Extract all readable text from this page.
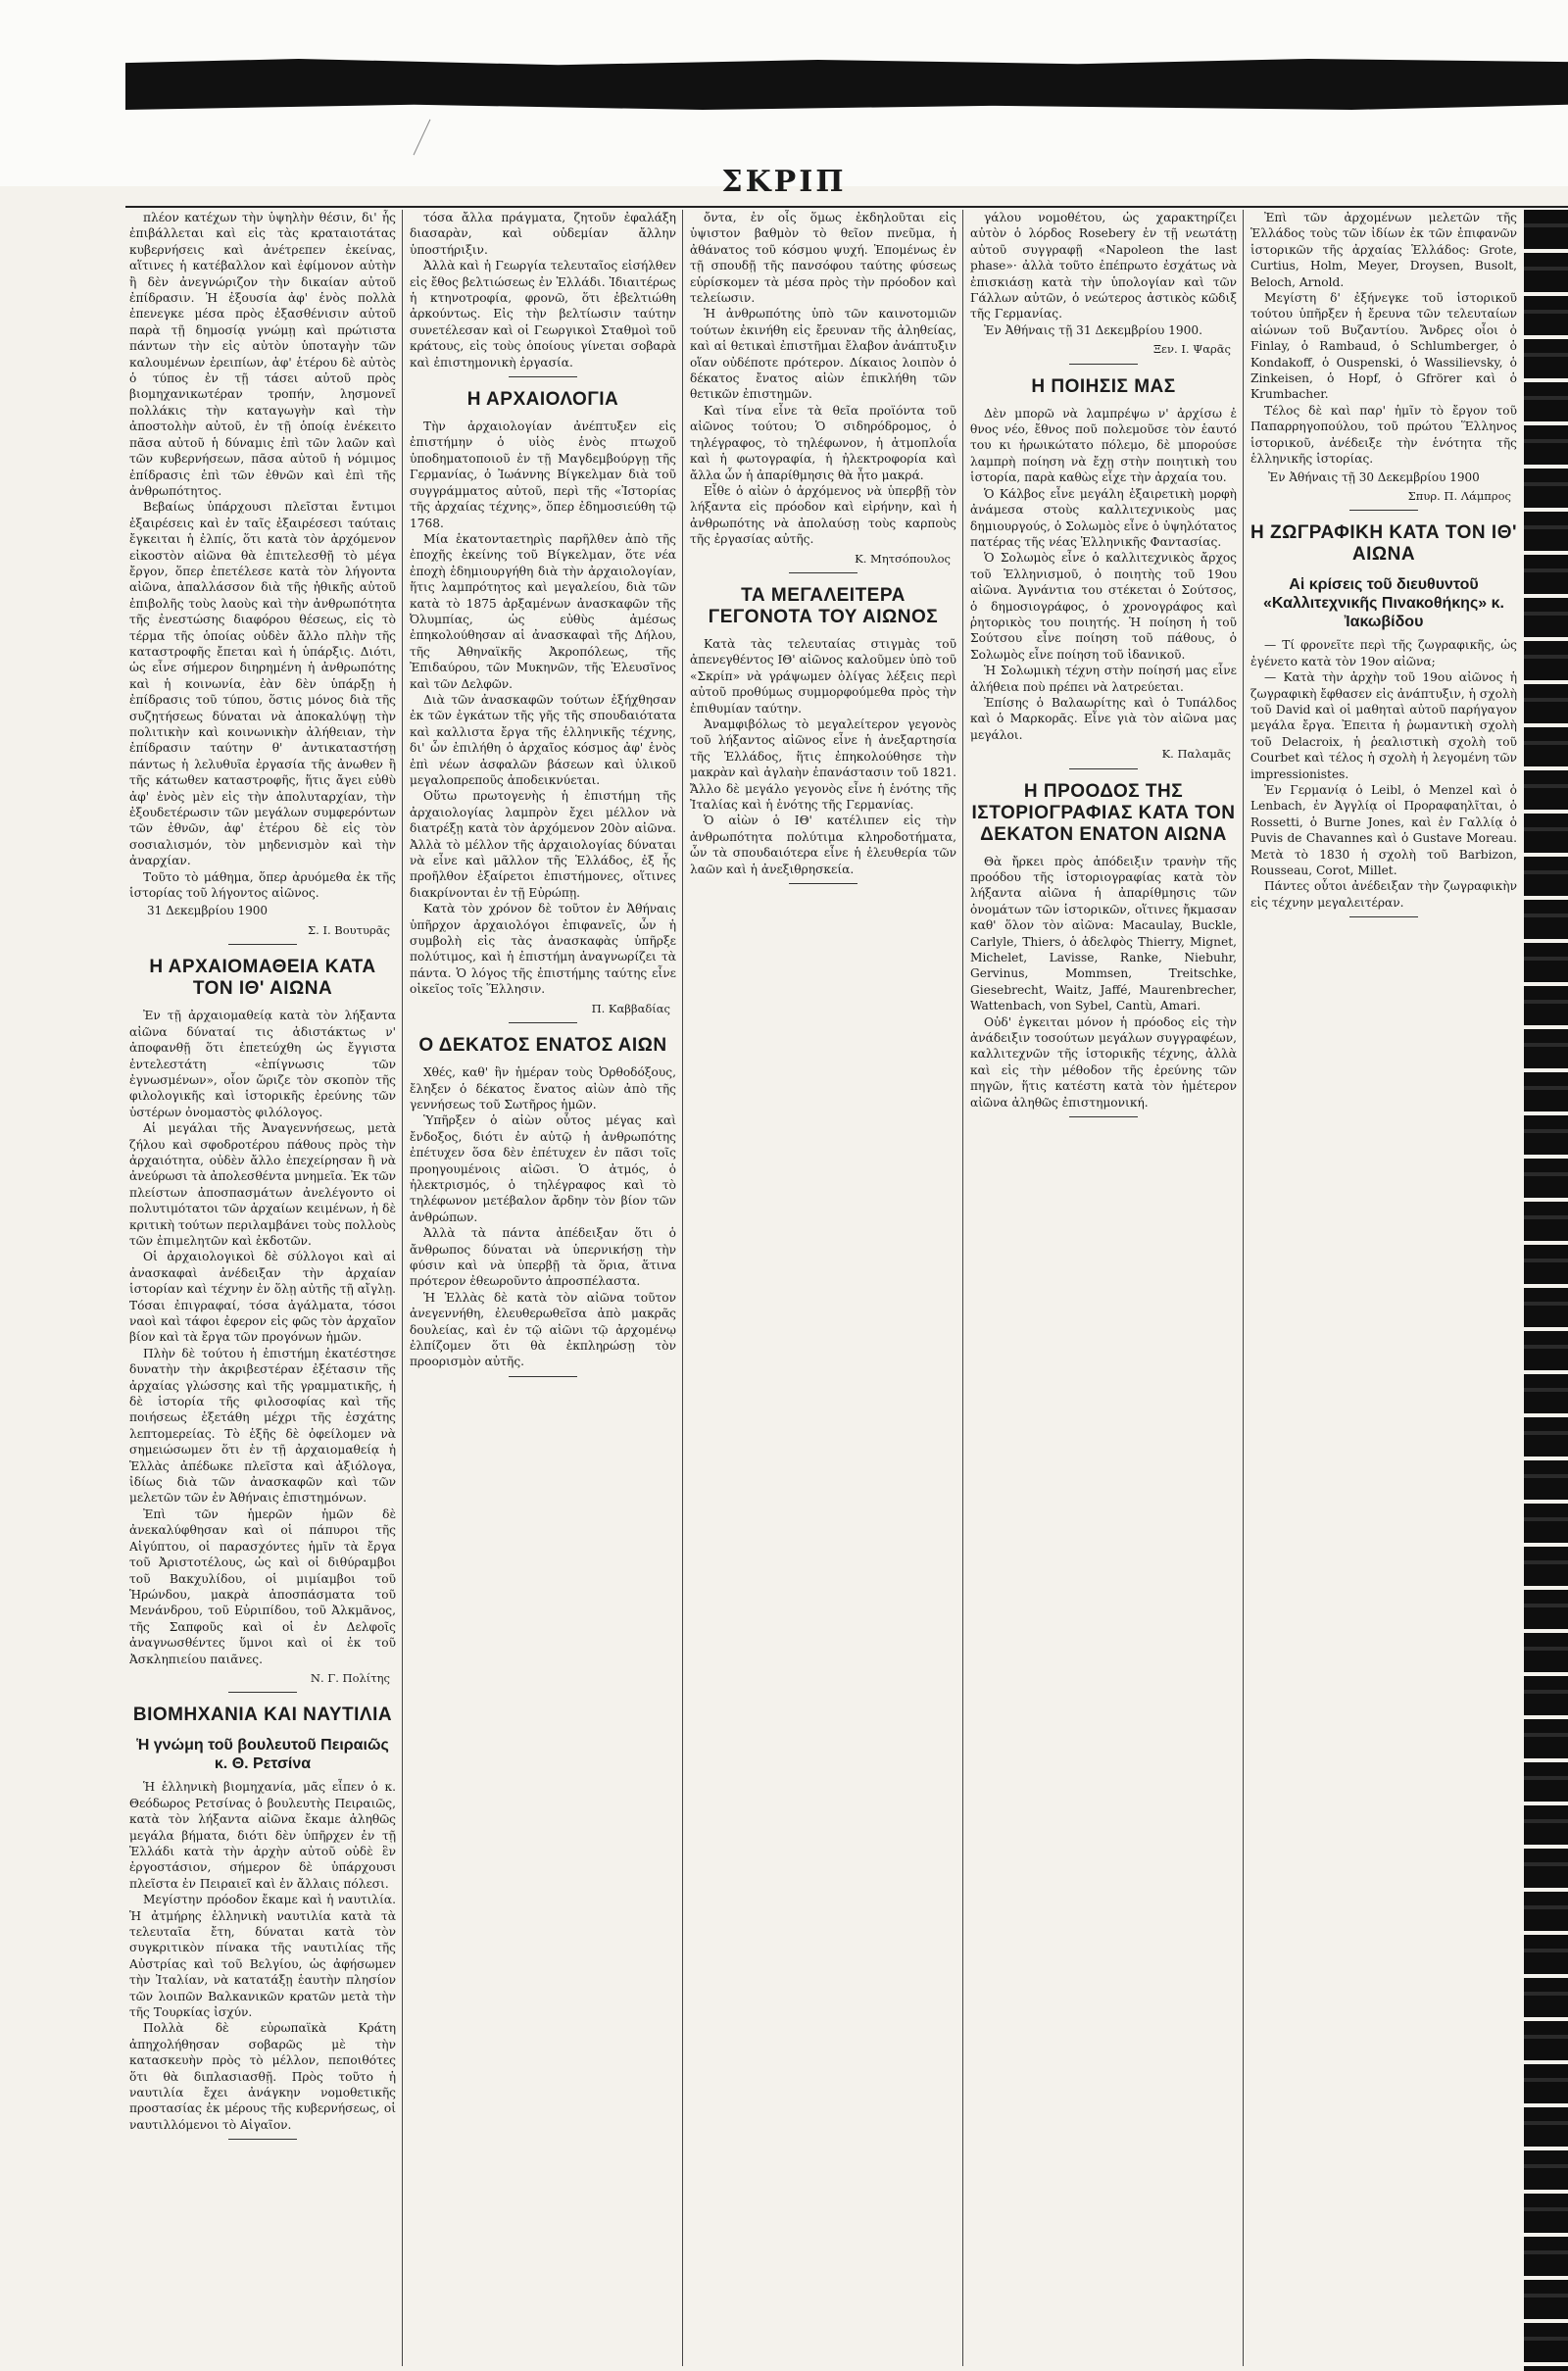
ΣΚΡΙΠ

πλέον κατέχων τὴν ὑψηλὴν θέσιν, δι' ἧς ἐπιβάλλεται καὶ εἰς τὰς κραταιοτάτας κυβερνήσεις καὶ ἀνέτρεπεν ἐκείνας, αἵτινες ἡ κατέβαλλον καὶ ἐφίμονον αὐτὴν ἢ δὲν ἀνεγνώριζον τὴν δικαίαν αὐτοῦ ἐπίδρασιν. Ἡ ἐξουσία ἀφ' ἑνὸς πολλὰ ἐπενεγκε μέσα πρὸς ἐξασθένισιν αὐτοῦ παρὰ τῇ δημοσίᾳ γνώμῃ καὶ πρώτιστα πάντων τὴν εἰς αὐτὸν ὑποταγὴν τῶν καλουμένων ἐρειπίων, ἀφ' ἑτέρου δὲ αὐτὸς ὁ τύπος ἐν τῇ τάσει αὐτοῦ πρὸς βιομηχανικωτέραν τροπήν, λησμονεῖ πολλάκις τὴν καταγωγὴν καὶ τὴν ἀποστολὴν αὐτοῦ, ἐν τῇ ὁποίᾳ ἐνέκειτο πᾶσα αὐτοῦ ἡ δύναμις ἐπὶ τῶν λαῶν καὶ τῶν κυβερνήσεων, πᾶσα αὐτοῦ ἡ νόμιμος ἐπίδρασις ἐπὶ τῶν ἐθνῶν καὶ ἐπὶ τῆς ἀνθρωπότητος.

Βεβαίως ὑπάρχουσι πλεῖσται ἔντιμοι ἐξαιρέσεις καὶ ἐν ταῖς ἐξαιρέσεσι ταύταις ἔγκειται ἡ ἐλπίς, ὅτι κατὰ τὸν ἀρχόμενον εἰκοστὸν αἰῶνα θὰ ἐπιτελεσθῇ τὸ μέγα ἔργον, ὅπερ ἐπετέλεσε κατὰ τὸν λήγοντα αἰῶνα, ἀπαλλάσσον διὰ τῆς ἠθικῆς αὐτοῦ ἐπιβολῆς τοὺς λαοὺς καὶ τὴν ἀνθρωπότητα τῆς ἐνεστώσης διαφόρου θέσεως, εἰς τὸ τέρμα τῆς ὁποίας οὐδὲν ἄλλο πλὴν τῆς καταστροφῆς ἔπεται καὶ ἡ ὑπάρξις. Διότι, ὡς εἶνε σήμερον διηρημένη ἡ ἀνθρωπότης καὶ ἡ κοινωνία, ἐὰν δὲν ὑπάρξῃ ἡ ἐπίδρασις τοῦ τύπου, ὅστις μόνος διὰ τῆς συζητήσεως δύναται νὰ ἀποκαλύψῃ τὴν πολιτικὴν καὶ κοινωνικὴν ἀλήθειαν, τὴν ἐπίδρασιν ταύτην θ' ἀντικαταστήσῃ πάντως ἡ λελυθυῖα ἐργασία τῆς ἀνωθεν ἢ τῆς κάτωθεν καταστροφῆς, ἥτις ἄγει εὐθὺ ἀφ' ἑνὸς μὲν εἰς τὴν ἀπολυταρχίαν, τὴν ἐξουδετέρωσιν τῶν μεγάλων συμφερόντων τῶν ἐθνῶν, ἀφ' ἑτέρου δὲ εἰς τὸν σοσιαλισμόν, τὸν μηδενισμὸν καὶ τὴν ἀναρχίαν.

Τοῦτο τὸ μάθημα, ὅπερ ἀρυόμεθα ἐκ τῆς ἱστορίας τοῦ λήγοντος αἰῶνος.

31 Δεκεμβρίου 1900
Σ. Ι. Βουτυρᾶς
Η ΑΡΧΑΙΟΜΑΘΕΙΑ ΚΑΤΑ ΤΟΝ ΙΘ' ΑΙΩΝΑ

Ἐν τῇ ἀρχαιομαθείᾳ κατὰ τὸν λήξαντα αἰῶνα δύναταί τις ἀδιστάκτως ν' ἀποφανθῇ ὅτι ἐπετεύχθη ὡς ἔγγιστα ἐντελεστάτη «ἐπίγνωσις τῶν ἐγνωσμένων», οἷον ὥριζε τὸν σκοπὸν τῆς φιλολογικῆς καὶ ἱστορικῆς ἐρεύνης τῶν ὑστέρων ὀνομαστὸς φιλόλογος.

Αἱ μεγάλαι τῆς Ἀναγεννήσεως, μετὰ ζήλου καὶ σφοδροτέρου πάθους πρὸς τὴν ἀρχαιότητα, οὐδὲν ἄλλο ἐπεχείρησαν ἢ νὰ ἀνεύρωσι τὰ ἀπολεσθέντα μνημεῖα. Ἐκ τῶν πλείστων ἀποσπασμάτων ἀνελέγοντο οἱ πολυτιμότατοι τῶν ἀρχαίων κειμένων, ἡ δὲ κριτικὴ τούτων περιλαμβάνει τοὺς πολλοὺς τῶν ἐπιμελητῶν καὶ ἐκδοτῶν.

Οἱ ἀρχαιολογικοὶ δὲ σύλλογοι καὶ αἱ ἀνασκαφαὶ ἀνέδειξαν τὴν ἀρχαίαν ἱστορίαν καὶ τέχνην ἐν ὅλῃ αὐτῆς τῇ αἴγλῃ. Τόσαι ἐπιγραφαί, τόσα ἀγάλματα, τόσοι ναοὶ καὶ τάφοι ἐφερον εἰς φῶς τὸν ἀρχαῖον βίον καὶ τὰ ἔργα τῶν προγόνων ἡμῶν.

Πλὴν δὲ τούτου ἡ ἐπιστήμη ἐκατέστησε δυνατὴν τὴν ἀκριβεστέραν ἐξέτασιν τῆς ἀρχαίας γλώσσης καὶ τῆς γραμματικῆς, ἡ δὲ ἱστορία τῆς φιλοσοφίας καὶ τῆς ποιήσεως ἐξετάθη μέχρι τῆς ἐσχάτης λεπτομερείας. Τὸ ἑξῆς δὲ ὀφείλομεν νὰ σημειώσωμεν ὅτι ἐν τῇ ἀρχαιομαθείᾳ ἡ Ἑλλὰς ἀπέδωκε πλεῖστα καὶ ἀξιόλογα, ἰδίως διὰ τῶν ἀνασκαφῶν καὶ τῶν μελετῶν τῶν ἐν Ἀθήναις ἐπιστημόνων.

Ἐπὶ τῶν ἡμερῶν ἡμῶν δὲ ἀνεκαλύφθησαν καὶ οἱ πάπυροι τῆς Αἰγύπτου, οἱ παρασχόντες ἡμῖν τὰ ἔργα τοῦ Ἀριστοτέλους, ὡς καὶ οἱ διθύραμβοι τοῦ Βακχυλίδου, οἱ μιμίαμβοι τοῦ Ἡρώνδου, μακρὰ ἀποσπάσματα τοῦ Μενάνδρου, τοῦ Εὐριπίδου, τοῦ Ἀλκμᾶνος, τῆς Σαπφοῦς καὶ οἱ ἐν Δελφοῖς ἀναγνωσθέντες ὕμνοι καὶ οἱ ἐκ τοῦ Ἀσκληπιείου παιᾶνες.

Ν. Γ. Πολίτης
ΒΙΟΜΗΧΑΝΙΑ ΚΑΙ ΝΑΥΤΙΛΙΑ
Ἡ γνώμη τοῦ βουλευτοῦ Πειραιῶς κ. Θ. Ρετσίνα

Ἡ ἑλληνικὴ βιομηχανία, μᾶς εἶπεν ὁ κ. Θεόδωρος Ρετσίνας ὁ βουλευτὴς Πειραιῶς, κατὰ τὸν λήξαντα αἰῶνα ἔκαμε ἀληθῶς μεγάλα βήματα, διότι δὲν ὑπῆρχεν ἐν τῇ Ἑλλάδι κατὰ τὴν ἀρχὴν αὐτοῦ οὐδὲ ἓν ἐργοστάσιον, σήμερον δὲ ὑπάρχουσι πλεῖστα ἐν Πειραιεῖ καὶ ἐν ἄλλαις πόλεσι.

Μεγίστην πρόοδον ἔκαμε καὶ ἡ ναυτιλία. Ἡ ἀτμήρης ἑλληνικὴ ναυτιλία κατὰ τὰ τελευταῖα ἔτη, δύναται κατὰ τὸν συγκριτικὸν πίνακα τῆς ναυτιλίας τῆς Αὐστρίας καὶ τοῦ Βελγίου, ὡς ἀφήσωμεν τὴν Ἰταλίαν, νὰ κατατάξῃ ἑαυτὴν πλησίον τῶν λοιπῶν Βαλκανικῶν κρατῶν μετὰ τὴν τῆς Τουρκίας ἰσχύν.

Πολλὰ δὲ εὐρωπαϊκὰ Κράτη ἀπηχολήθησαν σοβαρῶς μὲ τὴν κατασκευὴν πρὸς τὸ μέλλον, πεποιθότες ὅτι θὰ διπλασιασθῇ. Πρὸς τοῦτο ἡ ναυτιλία ἔχει ἀνάγκην νομοθετικῆς προστασίας ἐκ μέρους τῆς κυβερνήσεως, οἱ ναυτιλλόμενοι τὸ Αἰγαῖον.

τόσα ἄλλα πράγματα, ζητοῦν ἐφαλάξη διασαρὰν, καὶ οὐδεμίαν ἄλλην ὑποστήριξιν.

Ἀλλὰ καὶ ἡ Γεωργία τελευταῖος εἰσήλθεν εἰς ἔθος βελτιώσεως ἐν Ἑλλάδι. Ἰδιαιτέρως ἡ κτηνοτροφία, φρονῶ, ὅτι ἐβελτιώθη ἀρκούντως. Εἰς τὴν βελτίωσιν ταύτην συνετέλεσαν καὶ οἱ Γεωργικοὶ Σταθμοὶ τοῦ κράτους, εἰς τοὺς ὁποίους γίνεται σοβαρὰ καὶ ἐπιστημονικὴ ἐργασία.

Η ΑΡΧΑΙΟΛΟΓΙΑ

Τὴν ἀρχαιολογίαν ἀνέπτυξεν εἰς ἐπιστήμην ὁ υἱὸς ἑνὸς πτωχοῦ ὑποδηματοποιοῦ ἐν τῇ Μαγδεμβούργῃ τῆς Γερμανίας, ὁ Ἰωάννης Βίγκελμαν διὰ τοῦ συγγράμματος αὐτοῦ, περὶ τῆς «Ἱστορίας τῆς ἀρχαίας τέχνης», ὅπερ ἐδημοσιεύθη τῷ 1768.

Μία ἑκατονταετηρὶς παρῆλθεν ἀπὸ τῆς ἐποχῆς ἐκείνης τοῦ Βίγκελμαν, ὅτε νέα ἐποχὴ ἐδημιουργήθη διὰ τὴν ἀρχαιολογίαν, ἥτις λαμπρότητος καὶ μεγαλείου, διὰ τῶν κατὰ τὸ 1875 ἀρξαμένων ἀνασκαφῶν τῆς Ὀλυμπίας, ὡς εὐθὺς ἀμέσως ἐπηκολούθησαν αἱ ἀνασκαφαὶ τῆς Δήλου, τῆς Ἀθηναϊκῆς Ἀκροπόλεως, τῆς Ἐπιδαύρου, τῶν Μυκηνῶν, τῆς Ἐλευσῖνος καὶ τῶν Δελφῶν.

Διὰ τῶν ἀνασκαφῶν τούτων ἐξήχθησαν ἐκ τῶν ἐγκάτων τῆς γῆς τῆς σπουδαιότατα καὶ καλλιστα ἔργα τῆς ἑλληνικῆς τέχνης, δι' ὧν ἐπιλήθη ὁ ἀρχαῖος κόσμος ἀφ' ἑνὸς ἐπὶ νέων ἀσφαλῶν βάσεων καὶ ὑλικοῦ μεγαλοπρεποῦς ἀποδεικνύεται.

Οὕτω πρωτογενὴς ἡ ἐπιστήμη τῆς ἀρχαιολογίας λαμπρὸν ἔχει μέλλον νὰ διατρέξῃ κατὰ τὸν ἀρχόμενον 20ὸν αἰῶνα. Ἀλλὰ τὸ μέλλον τῆς ἀρχαιολογίας δύναται νὰ εἶνε καὶ μᾶλλον τῆς Ἑλλάδος, ἐξ ἧς προῆλθον ἐξαίρετοι ἐπιστήμονες, οἵτινες διακρίνονται ἐν τῇ Εὐρώπῃ.

Κατὰ τὸν χρόνον δὲ τοῦτον ἐν Ἀθήναις ὑπῆρχον ἀρχαιολόγοι ἐπιφανεῖς, ὧν ἡ συμβολὴ εἰς τὰς ἀνασκαφὰς ὑπῆρξε πολύτιμος, καὶ ἡ ἐπιστήμη ἀναγνωρίζει τὰ πάντα. Ὁ λόγος τῆς ἐπιστήμης ταύτης εἶνε οἰκεῖος τοῖς Ἕλλησιν.

Π. Καββαδίας
Ο ΔΕΚΑΤΟΣ ΕΝΑΤΟΣ ΑΙΩΝ

Χθές, καθ' ἣν ἡμέραν τοὺς Ὀρθοδόξους, ἔληξεν ὁ δέκατος ἔνατος αἰὼν ἀπὸ τῆς γεννήσεως τοῦ Σωτῆρος ἡμῶν.

Ὑπῆρξεν ὁ αἰὼν οὗτος μέγας καὶ ἔνδοξος, διότι ἐν αὐτῷ ἡ ἀνθρωπότης ἐπέτυχεν ὅσα δὲν ἐπέτυχεν ἐν πᾶσι τοῖς προηγουμένοις αἰῶσι. Ὁ ἀτμός, ὁ ἠλεκτρισμός, ὁ τηλέγραφος καὶ τὸ τηλέφωνον μετέβαλον ἄρδην τὸν βίον τῶν ἀνθρώπων.

Ἀλλὰ τὰ πάντα ἀπέδειξαν ὅτι ὁ ἄνθρωπος δύναται νὰ ὑπερνικήσῃ τὴν φύσιν καὶ νὰ ὑπερβῇ τὰ ὅρια, ἅτινα πρότερον ἐθεωροῦντο ἀπροσπέλαστα.

Ἡ Ἑλλὰς δὲ κατὰ τὸν αἰῶνα τοῦτον ἀνεγεννήθη, ἐλευθερωθεῖσα ἀπὸ μακρᾶς δουλείας, καὶ ἐν τῷ αἰῶνι τῷ ἀρχομένῳ ἐλπίζομεν ὅτι θὰ ἐκπληρώσῃ τὸν προορισμὸν αὐτῆς.

ὄντα, ἐν οἷς ὅμως ἐκδηλοῦται εἰς ὑψιστον βαθμὸν τὸ θεῖον πνεῦμα, ἡ ἀθάνατος τοῦ κόσμου ψυχή. Ἐπομένως ἐν τῇ σπουδῇ τῆς πανσόφου ταύτης φύσεως εὑρίσκομεν τὰ μέσα πρὸς τὴν πρόοδον καὶ τελείωσιν.

Ἡ ἀνθρωπότης ὑπὸ τῶν καινοτομιῶν τούτων ἐκινήθη εἰς ἔρευναν τῆς ἀληθείας, καὶ αἱ θετικαὶ ἐπιστῆμαι ἔλαβον ἀνάπτυξιν οἵαν οὐδέποτε πρότερον. Δίκαιος λοιπὸν ὁ δέκατος ἔνατος αἰὼν ἐπικλήθη τῶν θετικῶν ἐπιστημῶν.

Καὶ τίνα εἶνε τὰ θεῖα προϊόντα τοῦ αἰῶνος τούτου; Ὁ σιδηρόδρομος, ὁ τηλέγραφος, τὸ τηλέφωνον, ἡ ἀτμοπλοΐα καὶ ἡ φωτογραφία, ἡ ἠλεκτροφορία καὶ ἄλλα ὧν ἡ ἀπαρίθμησις θὰ ἦτο μακρά.

Εἶθε ὁ αἰὼν ὁ ἀρχόμενος νὰ ὑπερβῇ τὸν λήξαντα εἰς πρόοδον καὶ εἰρήνην, καὶ ἡ ἀνθρωπότης νὰ ἀπολαύσῃ τοὺς καρποὺς τῆς ἐργασίας αὐτῆς.

Κ. Μητσόπουλος
ΤΑ ΜΕΓΑΛΕΙΤΕΡΑ ΓΕΓΟΝΟΤΑ ΤΟΥ ΑΙΩΝΟΣ

Κατὰ τὰς τελευταίας στιγμὰς τοῦ ἀπενεγθέντος ΙΘ' αἰῶνος καλοῦμεν ὑπὸ τοῦ «Σκρίπ» νὰ γράψωμεν ὀλίγας λέξεις περὶ αὐτοῦ προθύμως συμμορφούμεθα πρὸς τὴν ἐπιθυμίαν ταύτην.

Ἀναμφιβόλως τὸ μεγαλείτερον γεγονὸς τοῦ λήξαντος αἰῶνος εἶνε ἡ ἀνεξαρτησία τῆς Ἑλλάδος, ἥτις ἐπηκολούθησε τὴν μακρὰν καὶ ἀγλαὴν ἐπανάστασιν τοῦ 1821. Ἄλλο δὲ μεγάλο γεγονὸς εἶνε ἡ ἑνότης τῆς Ἰταλίας καὶ ἡ ἑνότης τῆς Γερμανίας.

Ὁ αἰὼν ὁ ΙΘ' κατέλιπεν εἰς τὴν ἀνθρωπότητα πολύτιμα κληροδοτήματα, ὧν τὰ σπουδαιότερα εἶνε ἡ ἐλευθερία τῶν λαῶν καὶ ἡ ἀνεξιθρησκεία.

γάλου νομοθέτου, ὡς χαρακτηρίζει αὐτὸν ὁ λόρδος Rosebery ἐν τῇ νεωτάτῃ αὐτοῦ συγγραφῇ «Napoleon the last phase»· ἀλλὰ τοῦτο ἐπέπρωτο ἐσχάτως νὰ ἐπισκιάσῃ κατὰ τὴν ὑπολογίαν καὶ τῶν Γάλλων αὐτῶν, ὁ νεώτερος ἀστικὸς κῶδιξ τῆς Γερμανίας.

Ἐν Ἀθήναις τῇ 31 Δεκεμβρίου 1900.

Ξεν. Ι. Ψαρᾶς
Η ΠΟΙΗΣΙΣ ΜΑΣ

Δὲν μπορῶ νὰ λαμπρέψω ν' ἀρχίσω ἐ θνος νέο, ἔθνος ποῦ πολεμοῦσε τὸν ἑαυτό του κι ἡρωικώτατο πόλεμο, δὲ μπορούσε λαμπρὴ ποίηση νὰ ἔχῃ στὴν ποιητικὴ του ἱστορία, παρὰ καθὼς εἶχε τὴν ἀρχαία του.

Ὁ Κάλβος εἶνε μεγάλη ἐξαιρετικὴ μορφὴ ἀνάμεσα στοὺς καλλιτεχνικοὺς μας δημιουργούς, ὁ Σολωμὸς εἶνε ὁ ὑψηλότατος πατέρας τῆς νέας Ἑλληνικῆς Φαντασίας.

Ὁ Σολωμὸς εἶνε ὁ καλλιτεχνικὸς ἄρχος τοῦ Ἑλληνισμοῦ, ὁ ποιητὴς τοῦ 19ου αἰῶνα. Ἀγνάντια του στέκεται ὁ Σούτσος, ὁ δημοσιογράφος, ὁ χρονογράφος καὶ ῥητορικὸς του ποιητής. Ἡ ποίηση ἡ τοῦ Σούτσου εἶνε ποίηση τοῦ πάθους, ὁ Σολωμὸς εἶνε ποίηση τοῦ ἰδανικοῦ.

Ἡ Σολωμικὴ τέχνη στὴν ποίησή μας εἶνε ἀλήθεια ποὺ πρέπει νὰ λατρεύεται.

Ἐπίσης ὁ Βαλαωρίτης καὶ ὁ Τυπάλδος καὶ ὁ Μαρκορᾶς. Εἶνε γιὰ τὸν αἰῶνα μας μεγάλοι.

Κ. Παλαμᾶς
Η ΠΡΟΟΔΟΣ ΤΗΣ ΙΣΤΟΡΙΟΓΡΑΦΙΑΣ ΚΑΤΑ ΤΟΝ ΔΕΚΑΤΟΝ ΕΝΑΤΟΝ ΑΙΩΝΑ

Θὰ ἤρκει πρὸς ἀπόδειξιν τρανὴν τῆς προόδου τῆς ἱστοριογραφίας κατὰ τὸν λήξαντα αἰῶνα ἡ ἀπαρίθμησις τῶν ὀνομάτων τῶν ἱστορικῶν, οἵτινες ἤκμασαν καθ' ὅλον τὸν αἰῶνα: Macaulay, Buckle, Carlyle, Thiers, ὁ ἀδελφὸς Thierry, Mignet, Michelet, Lavisse, Ranke, Niebuhr, Gervinus, Mommsen, Treitschke, Giesebrecht, Waitz, Jaffé, Maurenbrecher, Wattenbach, von Sybel, Cantù, Amari.

Οὐδ' ἐγκειται μόνον ἡ πρόοδος εἰς τὴν ἀνάδειξιν τοσούτων μεγάλων συγγραφέων, καλλιτεχνῶν τῆς ἱστορικῆς τέχνης, ἀλλὰ καὶ εἰς τὴν μέθοδον τῆς ἐρεύνης τῶν πηγῶν, ἥτις κατέστη κατὰ τὸν ἡμέτερον αἰῶνα ἀληθῶς ἐπιστημονική.

Ἐπὶ τῶν ἀρχομένων μελετῶν τῆς Ἑλλάδος τοὺς τῶν ἰδίων ἐκ τῶν ἐπιφανῶν ἱστορικῶν τῆς ἀρχαίας Ἑλλάδος: Grote, Curtius, Holm, Meyer, Droysen, Busolt, Beloch, Arnold.

Μεγίστη δ' ἐξήνεγκε τοῦ ἱστορικοῦ τούτου ὑπῆρξεν ἡ ἔρευνα τῶν τελευταίων αἰώνων τοῦ Βυζαντίου. Ἄνδρες οἷοι ὁ Finlay, ὁ Rambaud, ὁ Schlumberger, ὁ Kondakoff, ὁ Ouspenski, ὁ Wassilievsky, ὁ Zinkeisen, ὁ Hopf, ὁ Gfrörer καὶ ὁ Krumbacher.

Τέλος δὲ καὶ παρ' ἡμῖν τὸ ἔργον τοῦ Παπαρρηγοπούλου, τοῦ πρώτου Ἕλληνος ἱστορικοῦ, ἀνέδειξε τὴν ἑνότητα τῆς ἑλληνικῆς ἱστορίας.

Ἐν Ἀθήναις τῇ 30 Δεκεμβρίου 1900
Σπυρ. Π. Λάμπρος
Η ΖΩΓΡΑΦΙΚΗ ΚΑΤΑ ΤΟΝ ΙΘ' ΑΙΩΝΑ
Αἱ κρίσεις τοῦ διευθυντοῦ «Καλλιτεχνικῆς Πινακοθήκης» κ. Ἰακωβίδου

— Τί φρονεῖτε περὶ τῆς ζωγραφικῆς, ὡς ἐγένετο κατὰ τὸν 19ον αἰῶνα;

— Κατὰ τὴν ἀρχὴν τοῦ 19ου αἰῶνος ἡ ζωγραφικὴ ἔφθασεν εἰς ἀνάπτυξιν, ἡ σχολὴ τοῦ David καὶ οἱ μαθηταὶ αὐτοῦ παρήγαγον μεγάλα ἔργα. Ἐπειτα ἡ ῥωμαντικὴ σχολὴ τοῦ Delacroix, ἡ ῥεαλιστικὴ σχολὴ τοῦ Courbet καὶ τέλος ἡ σχολὴ ἡ λεγομένη τῶν impressionistes.

Ἐν Γερμανίᾳ ὁ Leibl, ὁ Menzel καὶ ὁ Lenbach, ἐν Ἀγγλίᾳ οἱ Προραφαηλῖται, ὁ Rossetti, ὁ Burne Jones, καὶ ἐν Γαλλίᾳ ὁ Puvis de Chavannes καὶ ὁ Gustave Moreau. Μετὰ τὸ 1830 ἡ σχολὴ τοῦ Barbizon, Rousseau, Corot, Millet.

Πάντες οὗτοι ἀνέδειξαν τὴν ζωγραφικὴν εἰς τέχνην μεγαλειτέραν.
